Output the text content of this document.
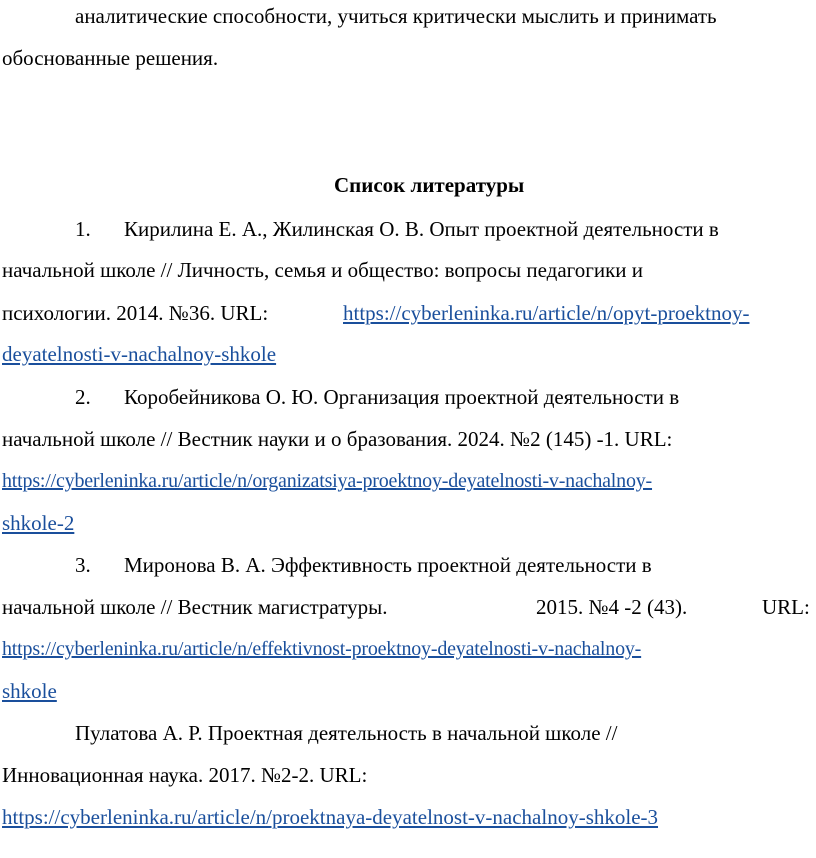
аналитические способности, учиться критически мыслить и принимать
обоснованные решения.
Список литературы
1. Кирилина Е. А., Жилинская О. В. Опыт проектной деятельности в
начальной школе // Личность, семья и общество: вопросы педагогики и
психологии. 2014. №36. URL:	https://cyberleninka.ru/article/n/opyt-proektnoy-
deyatelnosti-v-nachalnoy-shkole
2. Коробейникова О. Ю. Организация проектной деятельности в
начальной школе // Вестник науки и о бразования. 2024. №2 (145) -1. URL:
https://cyberleninka.ru/article/n/organizatsiya-proektnoy-deyatelnosti-v-nachalnoy-
shkole-2
3. Миронова В. А. Эффективность проектной деятельности в
начальной школе // Вестник магистратуры.	2015. №4 -2 (43).	URL:
https://cyberleninka.ru/article/n/effektivnost-proektnoy-deyatelnosti-v-nachalnoy-
shkole
Пулатова А. Р. Проектная деятельность в начальной школе //
Инновационная наука. 2017. №2-2. URL:
https://cyberleninka.ru/article/n/proektnaya-deyatelnost-v-nachalnoy-shkole-3
